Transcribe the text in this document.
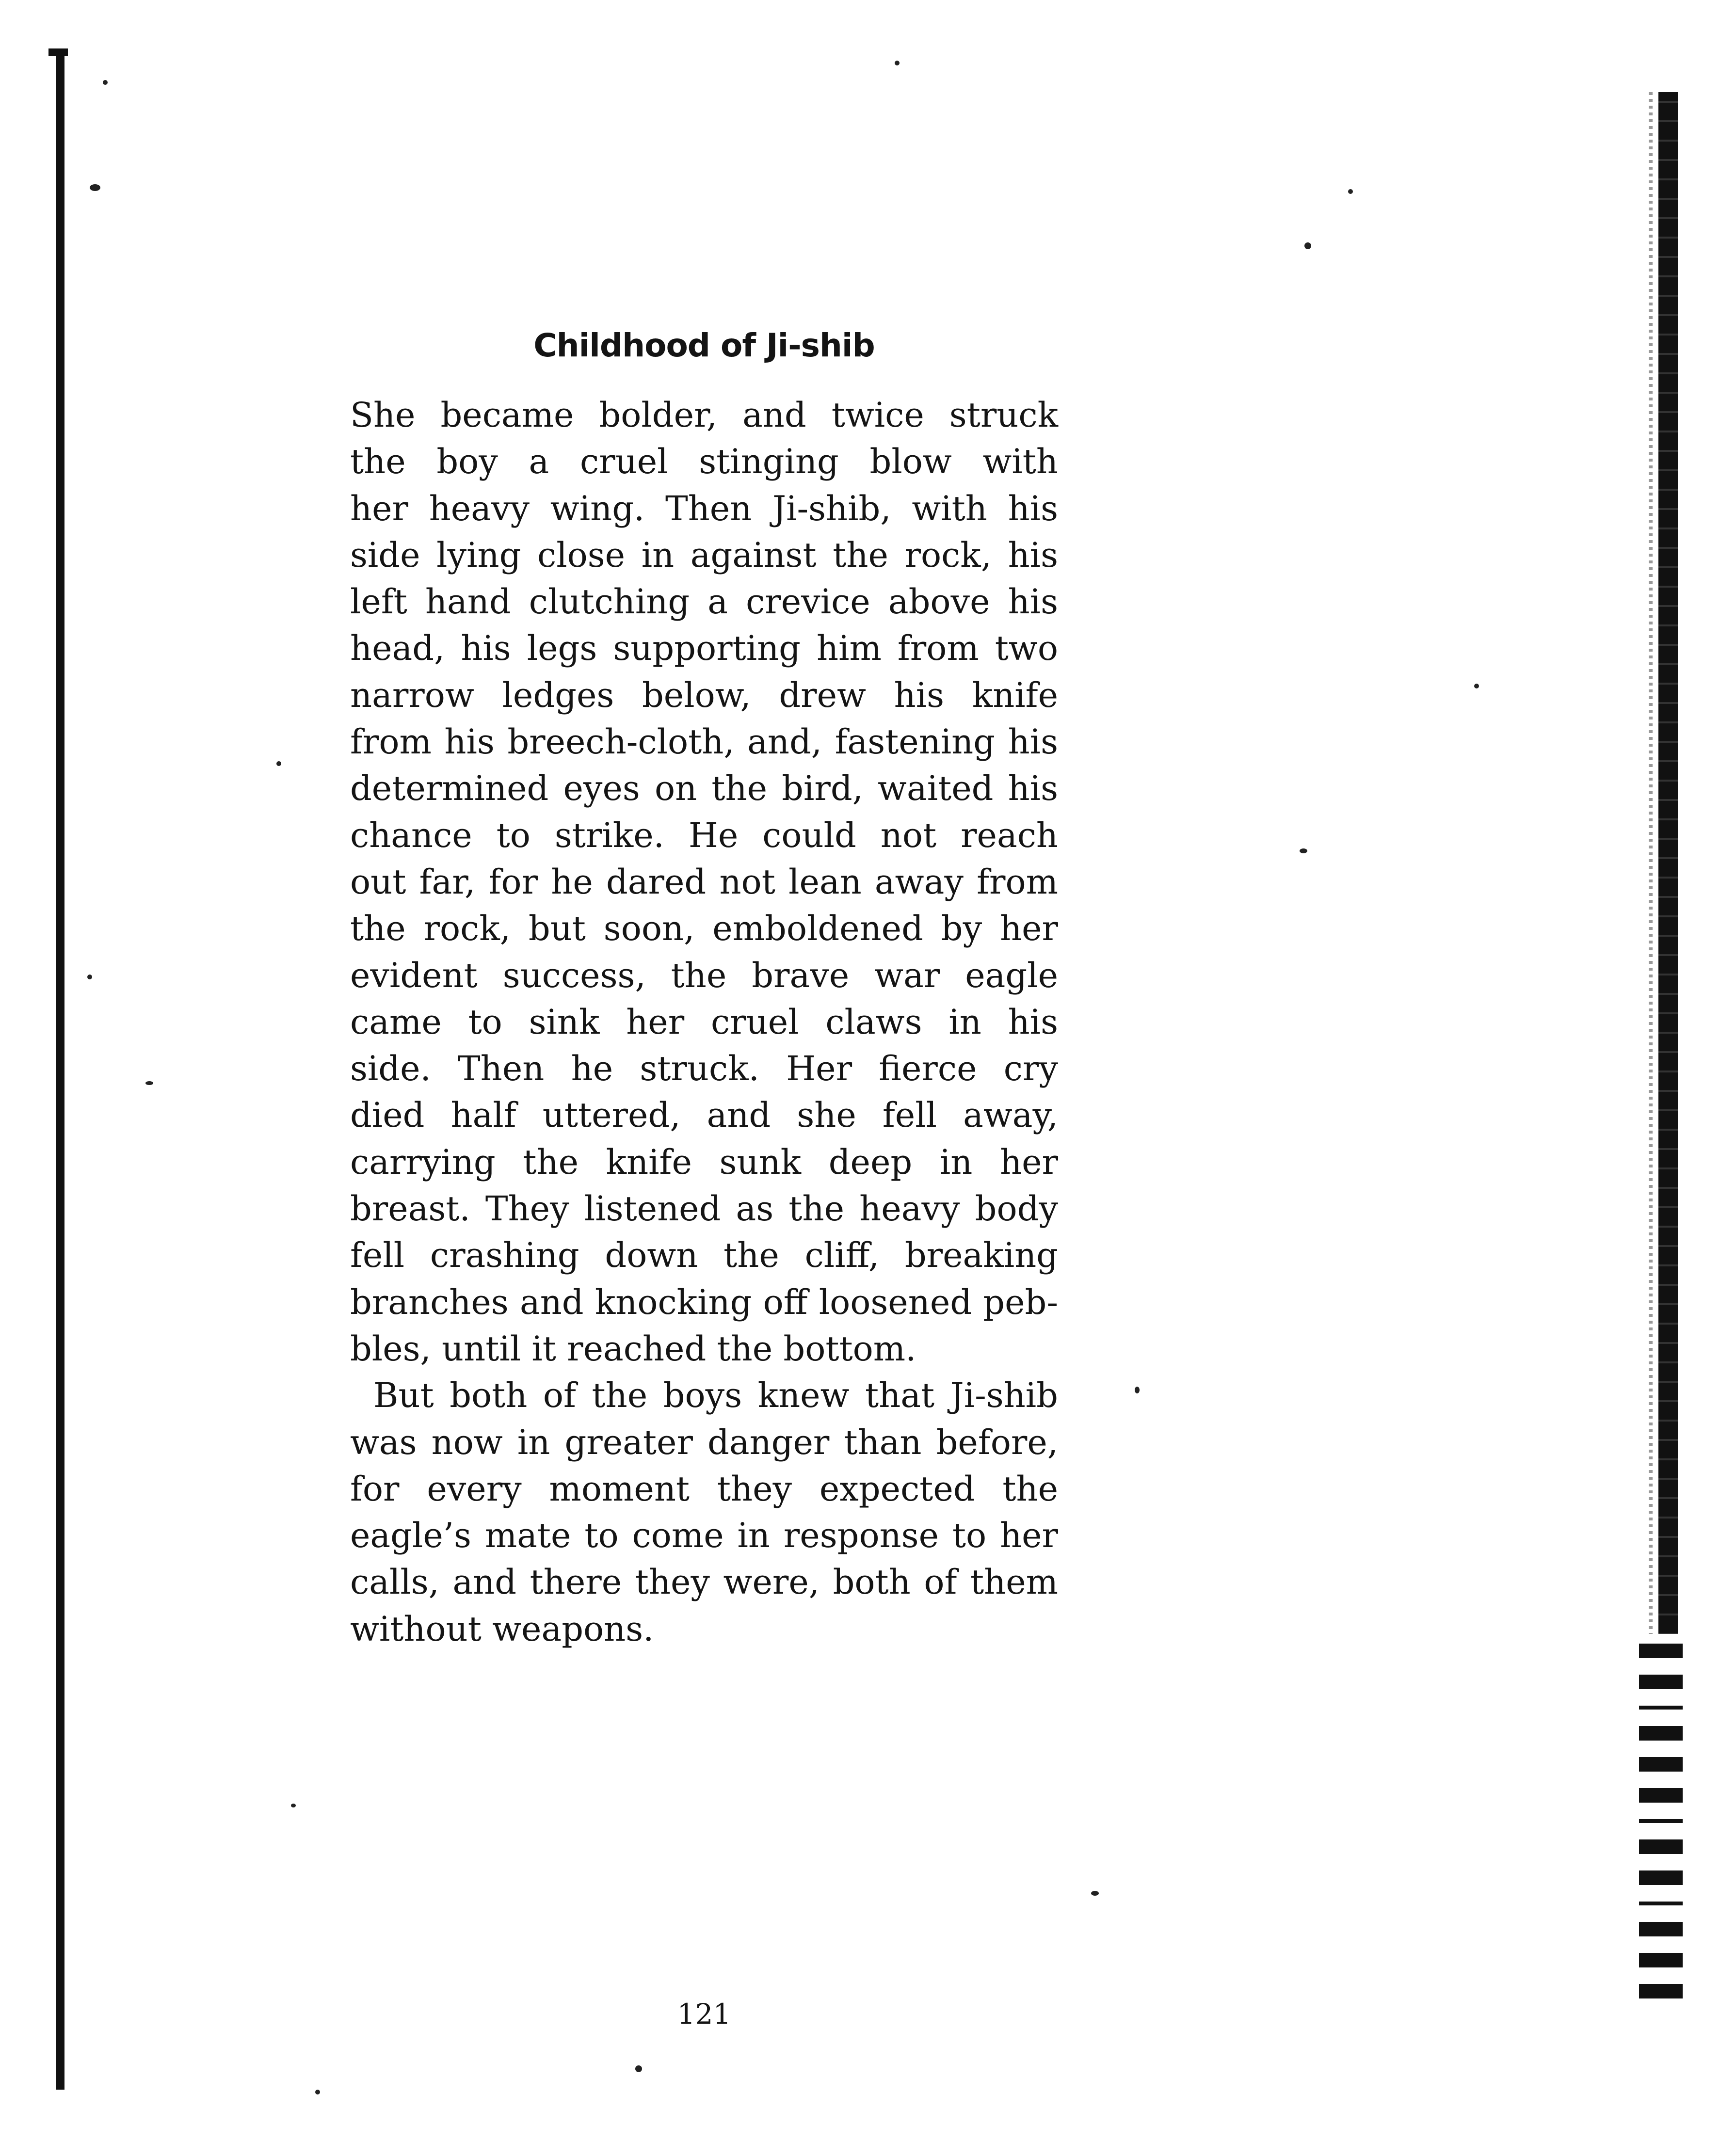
Childhood of Ji-shib

She became bolder, and twice struck
the boy a cruel stinging blow with
her heavy wing. Then Ji-shib, with his
side lying close in against the rock, his
left hand clutching a crevice above his
head, his legs supporting him from two
narrow ledges below, drew his knife
from his breech-cloth, and, fastening his
determined eyes on the bird, waited his
chance to strike. He could not reach
out far, for he dared not lean away from
the rock, but soon, emboldened by her
evident success, the brave war eagle
came to sink her cruel claws in his
side. Then he struck. Her fierce cry
died half uttered, and she fell away,
carrying the knife sunk deep in her
breast. They listened as the heavy body
fell crashing down the cliff, breaking
branches and knocking off loosened peb-
bles, until it reached the bottom.

But both of the boys knew that Ji-shib
was now in greater danger than before,
for every moment they expected the
eagle’s mate to come in response to her
calls, and there they were, both of them
without weapons.

121
